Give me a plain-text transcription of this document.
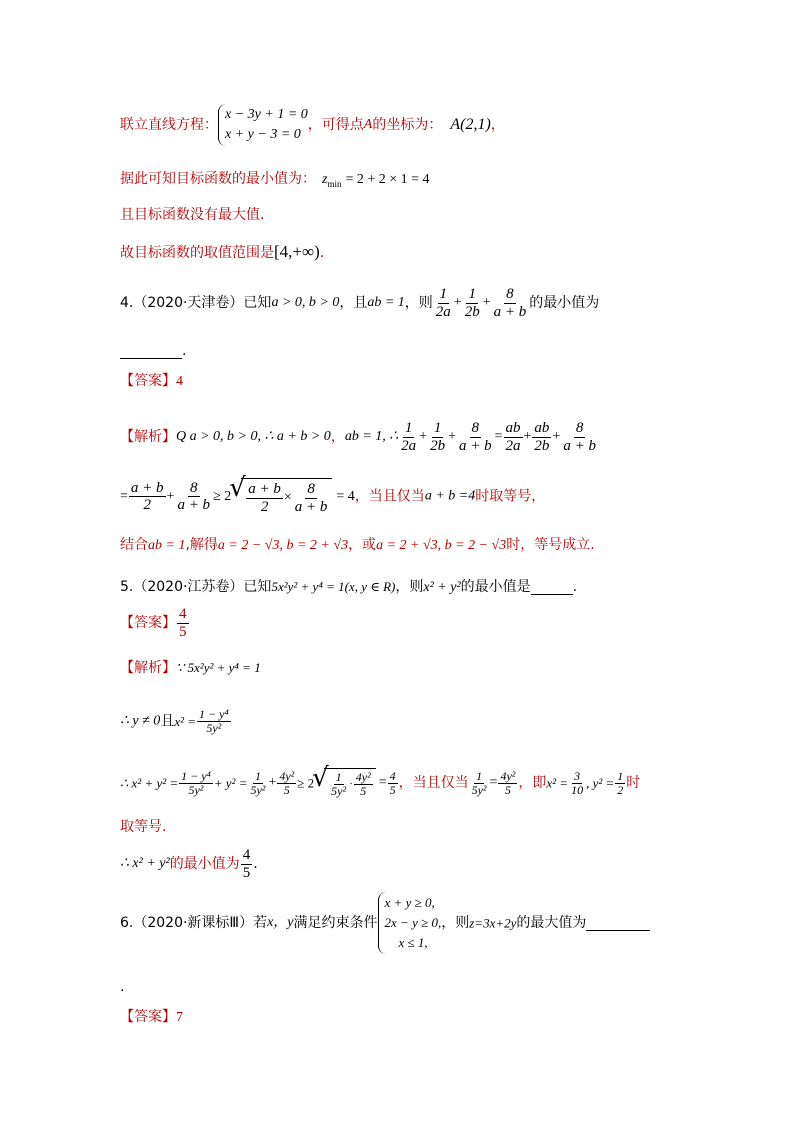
联立直线方程：
x − 3y + 1 = 0
x + y − 3 = 0
，可得点A的坐标为： A(2,1)，
据此可知目标函数的最小值为： $z_{min} = 2 + 2 \times 1 = 4$
且目标函数没有最大值.
故目标函数的取值范围是[4,+∞).
4.（2020·天津卷）已知a > 0, b > 0，且ab = 1，则 $\frac{1}{2a} + \frac{1}{2b} + \frac{8}{a + b}$ 的最小值为
.
【答案】4
【解析】Q a > 0, b > 0, ∴ a + b > 0，ab = 1, ∴ $\frac{1}{2a} + \frac{1}{2b} + \frac{8}{a + b} = \frac{ab}{2a} + \frac{ab}{2b} + \frac{8}{a + b}$
= $\frac{a + b}{2} + \frac{8}{a + b} \ge 2$ √ $\frac{a + b}{2} \times \frac{8}{a + b} = 4$，当且仅当a + b =4时取等号，
结合ab = 1,解得a = 2 − √3, b = 2 + √3，或a = 2 + √3, b = 2 − √3时，等号成立.
5.（2020·江苏卷）已知5x²y² + y⁴ = 1(x, y ∈ R)，则x² + y²的最小值是	.
【答案】 $\frac{4}{5}$
【解析】∵ 5x²y² + y⁴ = 1
∴ y ≠ 0且$x^2 = \frac{\text{1 − y⁴}}{\text{5y²}}$
∴ $x^2 + y^2 = \frac{\text{1 − y⁴}}{\text{5y²}} + y^2 = \frac{1}{\text{5y²}} + \frac{\text{4y²}}{5} \ge 2$ √ $\frac{1}{\text{5y²}} \cdot \frac{\text{4y²}}{5} = \frac{4}{5}$ ，当且仅当 $\frac{1}{\text{5y²}} = \frac{\text{4y²}}{5}$ ，即$x^2 = \frac{3}{10}$ , $y^2 = \frac{1}{2}$ 时
取等号.
∴ x² + y²的最小值为 $\frac{4}{5}$ .
6.（2020·新课标Ⅲ）若x，y满足约束条件
x + y ≥ 0,
2x − y ≥ 0,
x ≤ 1,
，则z=3x+2y的最大值为
.
【答案】7
